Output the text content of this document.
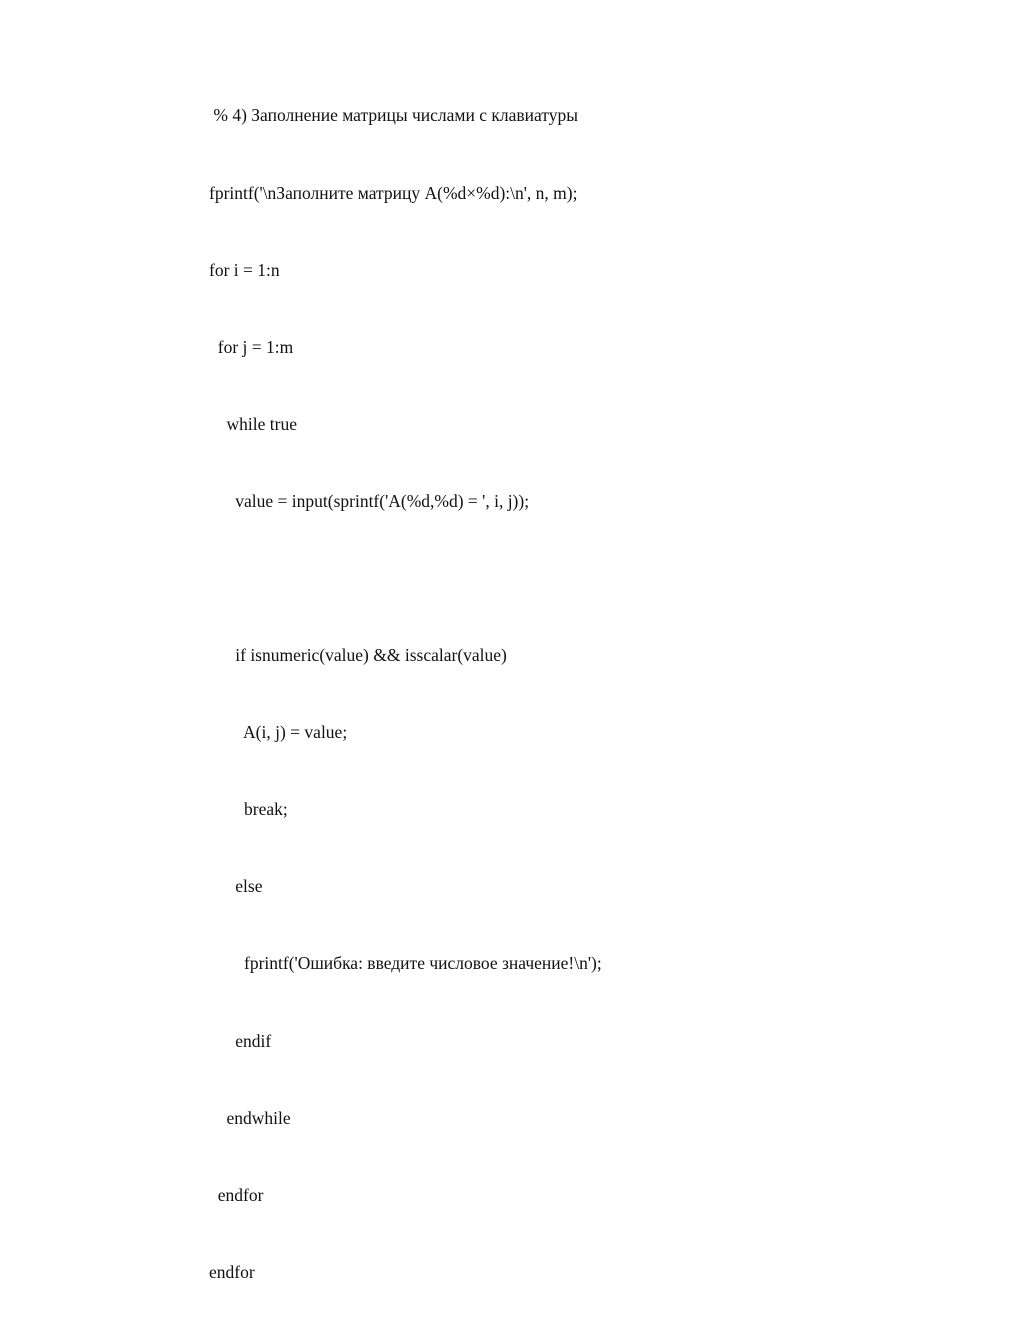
% 4) Заполнение матрицы числами с клавиатуры

fprintf('\nЗаполните матрицу A(%d×%d):\n', n, m);

for i = 1:n

for j = 1:m

while true

value = input(sprintf('A(%d,%d) = ', i, j));

if isnumeric(value) && isscalar(value)

A(i, j) = value;

break;

else

fprintf('Ошибка: введите числовое значение!\n');

endif

endwhile

endfor

endfor
